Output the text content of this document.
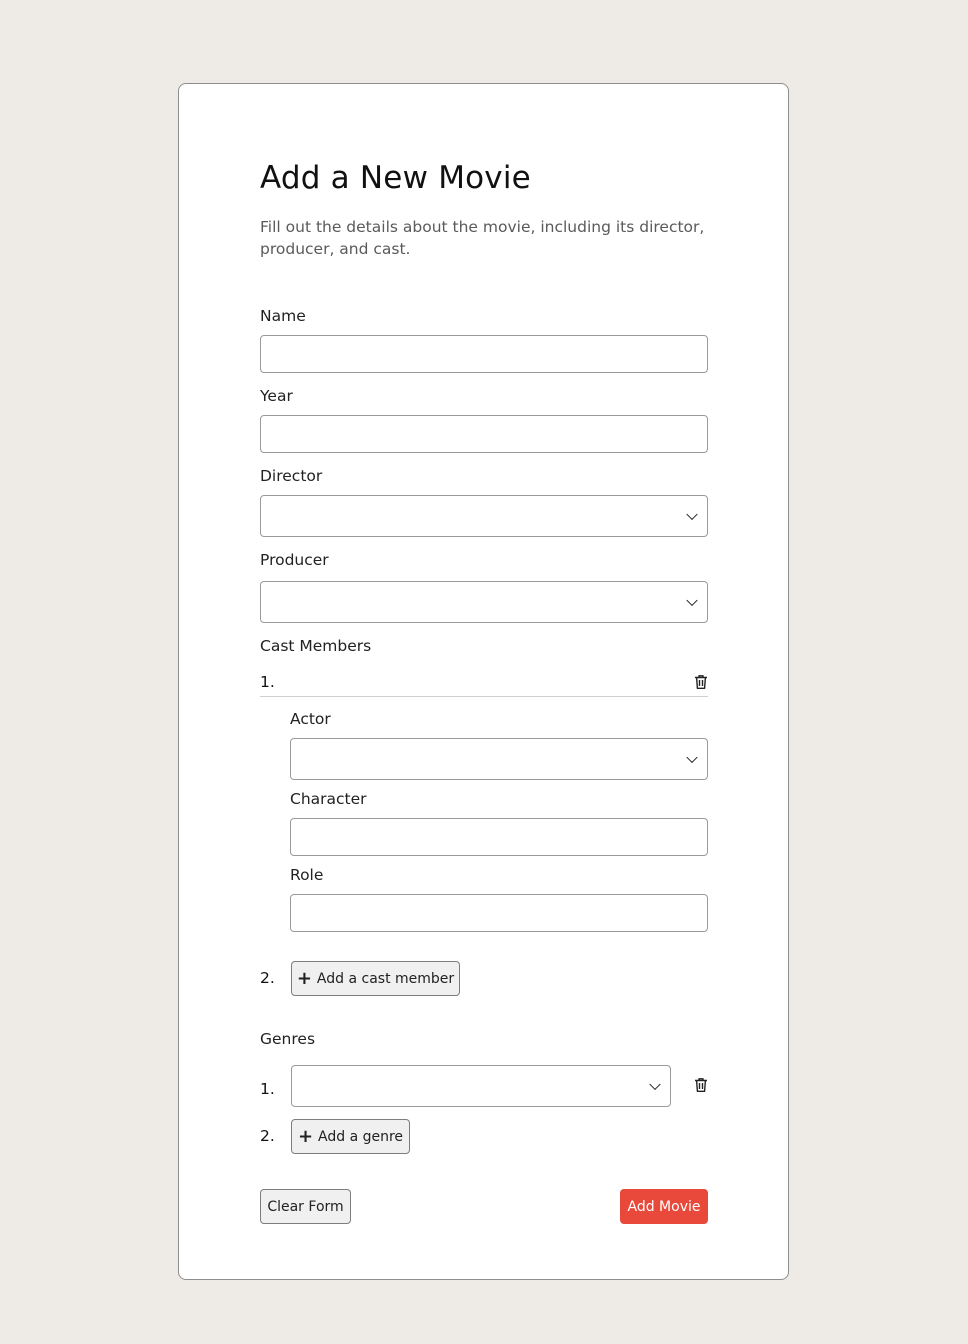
Add a New Movie

Fill out the details about the movie, including its director, producer, and cast.

Name
Year
Director
Producer
Cast Members
1.
Actor
Character
Role
2. + Add a cast member
Genres
1.
2. + Add a genre
Clear Form	Add Movie
